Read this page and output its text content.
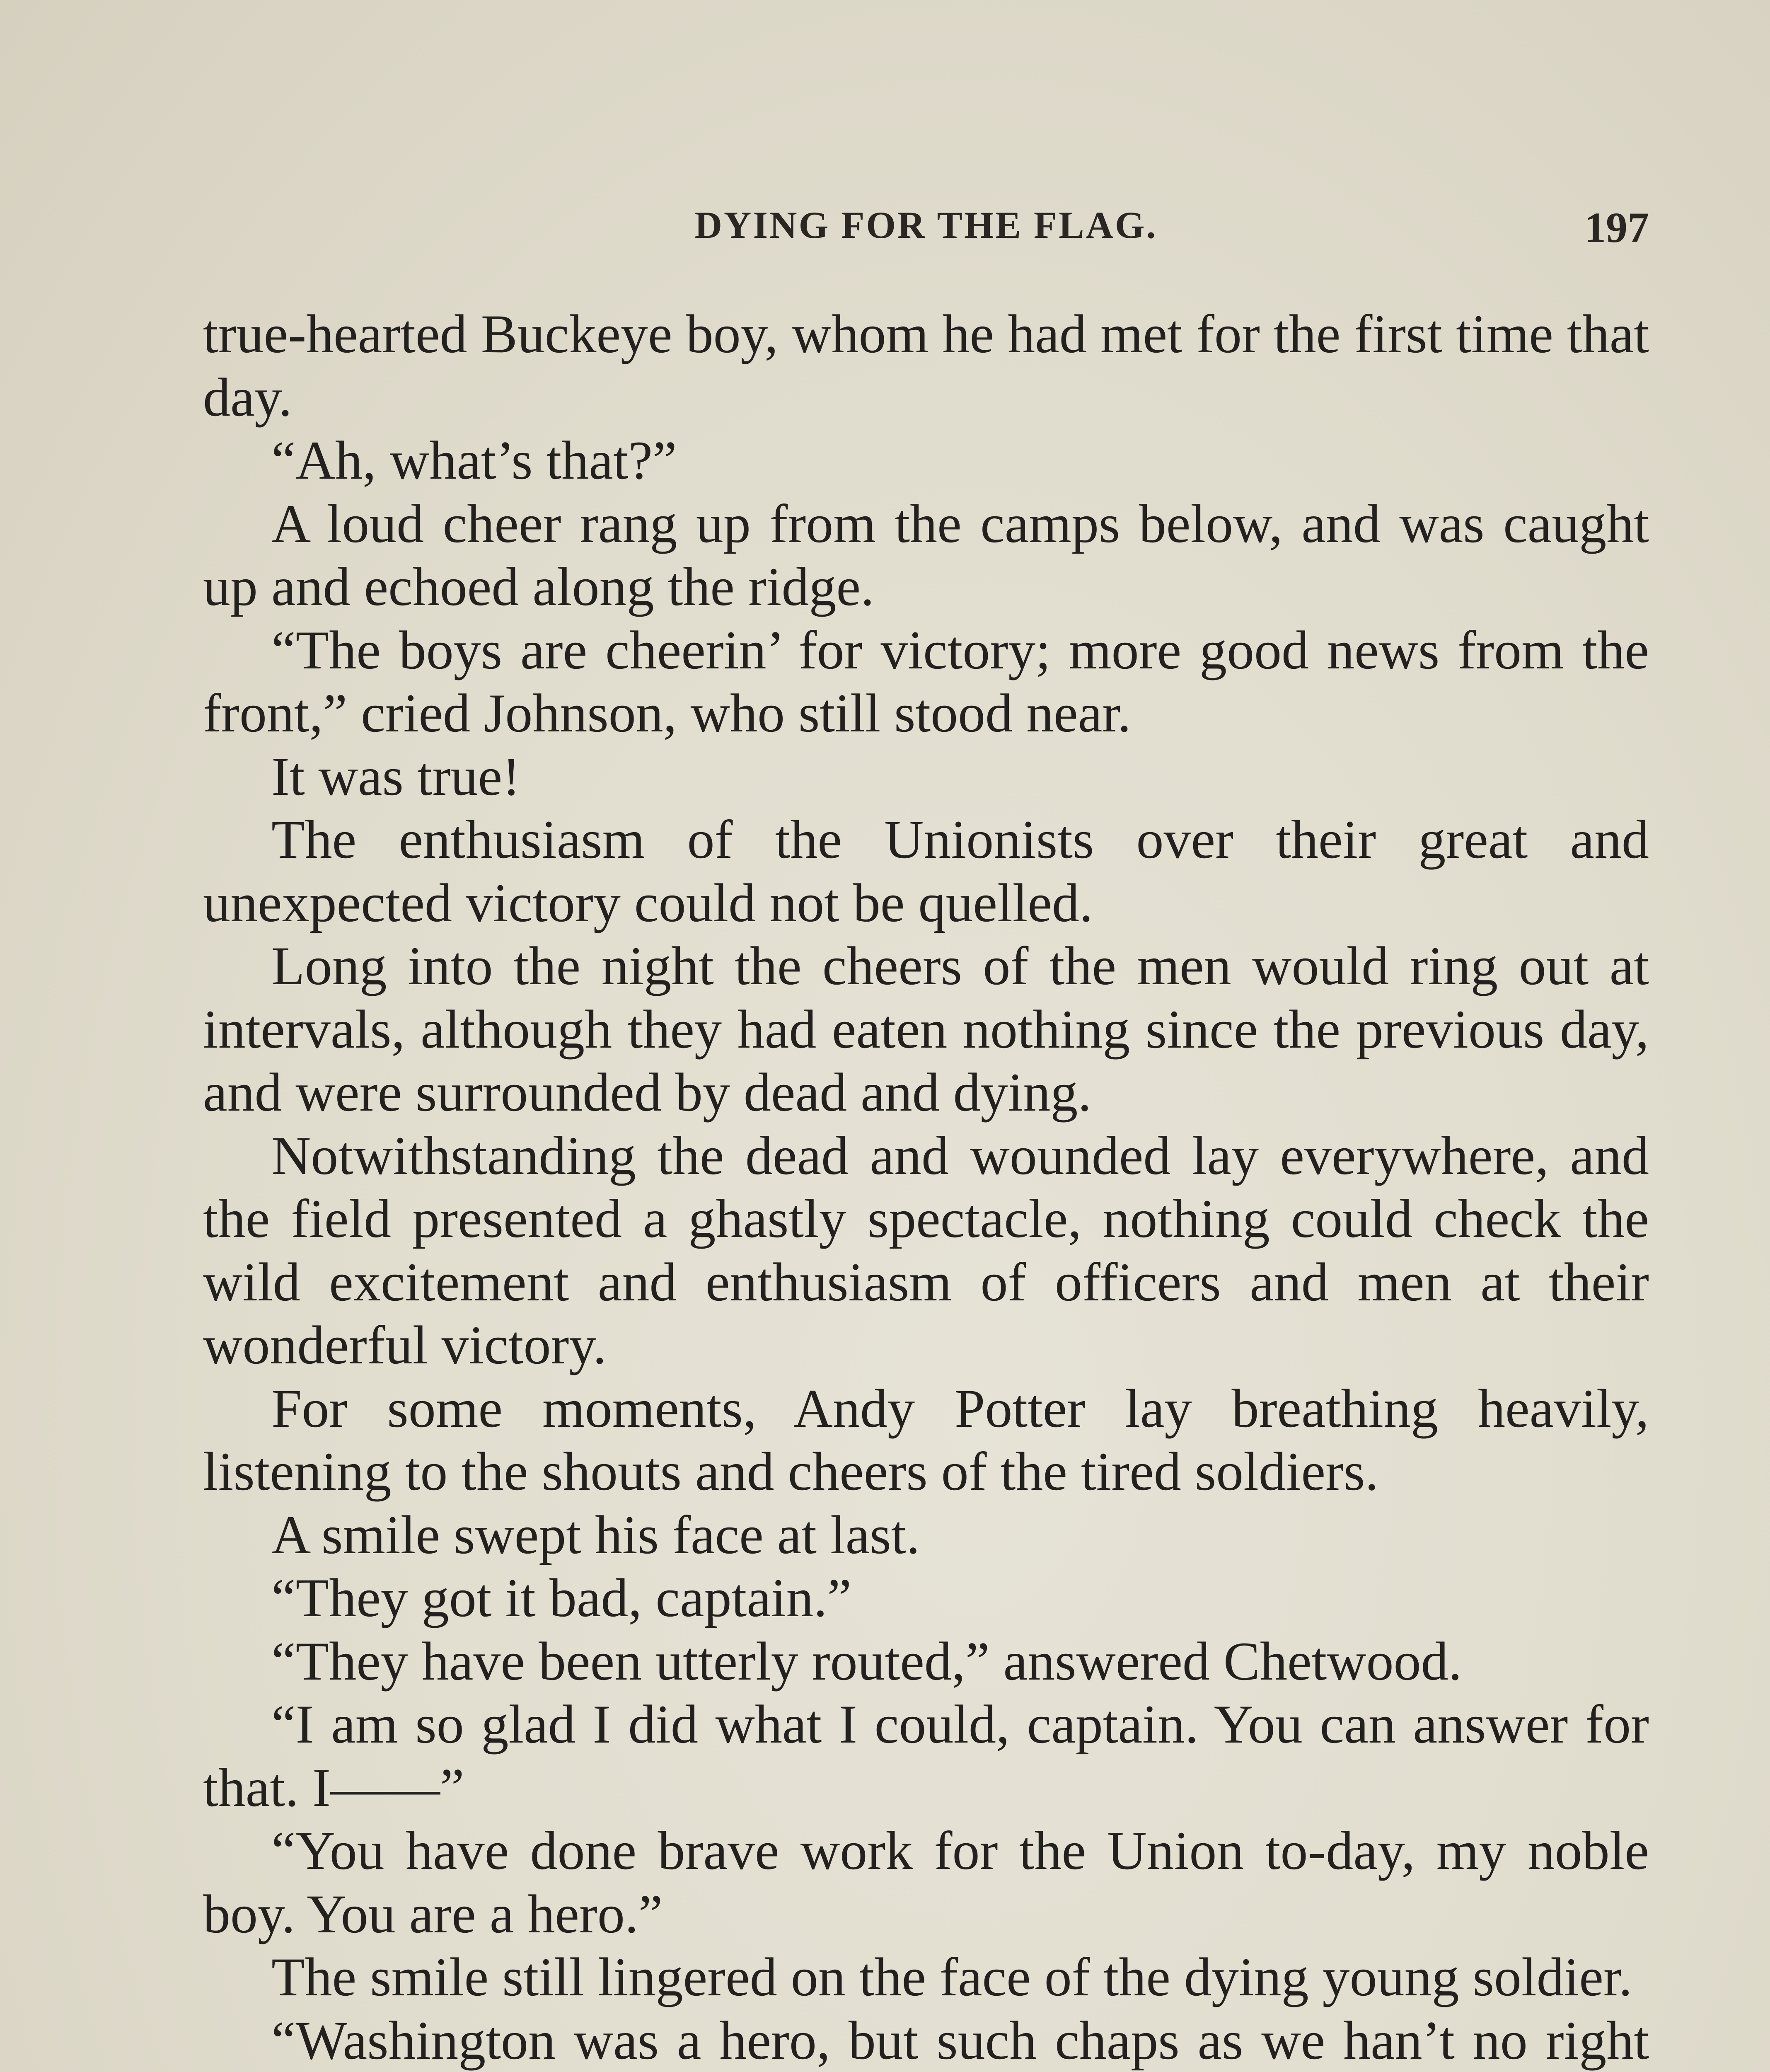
DYING FOR THE FLAG.	197

true-hearted Buckeye boy, whom he had met for the first time that day.

“Ah, what’s that?”

A loud cheer rang up from the camps below, and was caught up and echoed along the ridge.

“The boys are cheerin’ for victory; more good news from the front,” cried Johnson, who still stood near.

It was true!

The enthusiasm of the Unionists over their great and unexpected victory could not be quelled.

Long into the night the cheers of the men would ring out at intervals, although they had eaten nothing since the previous day, and were surrounded by dead and dying.

Notwithstanding the dead and wounded lay everywhere, and the field presented a ghastly spectacle, nothing could check the wild excitement and enthusiasm of officers and men at their wonderful victory.

For some moments, Andy Potter lay breathing heavily, listening to the shouts and cheers of the tired soldiers.

A smile swept his face at last.

“They got it bad, captain.”

“They have been utterly routed,” answered Chetwood.

“I am so glad I did what I could, captain. You can answer for that. I——”

“You have done brave work for the Union to-day, my noble boy. You are a hero.”

The smile still lingered on the face of the dying young soldier.

“Washington was a hero, but such chaps as we han’t no right
